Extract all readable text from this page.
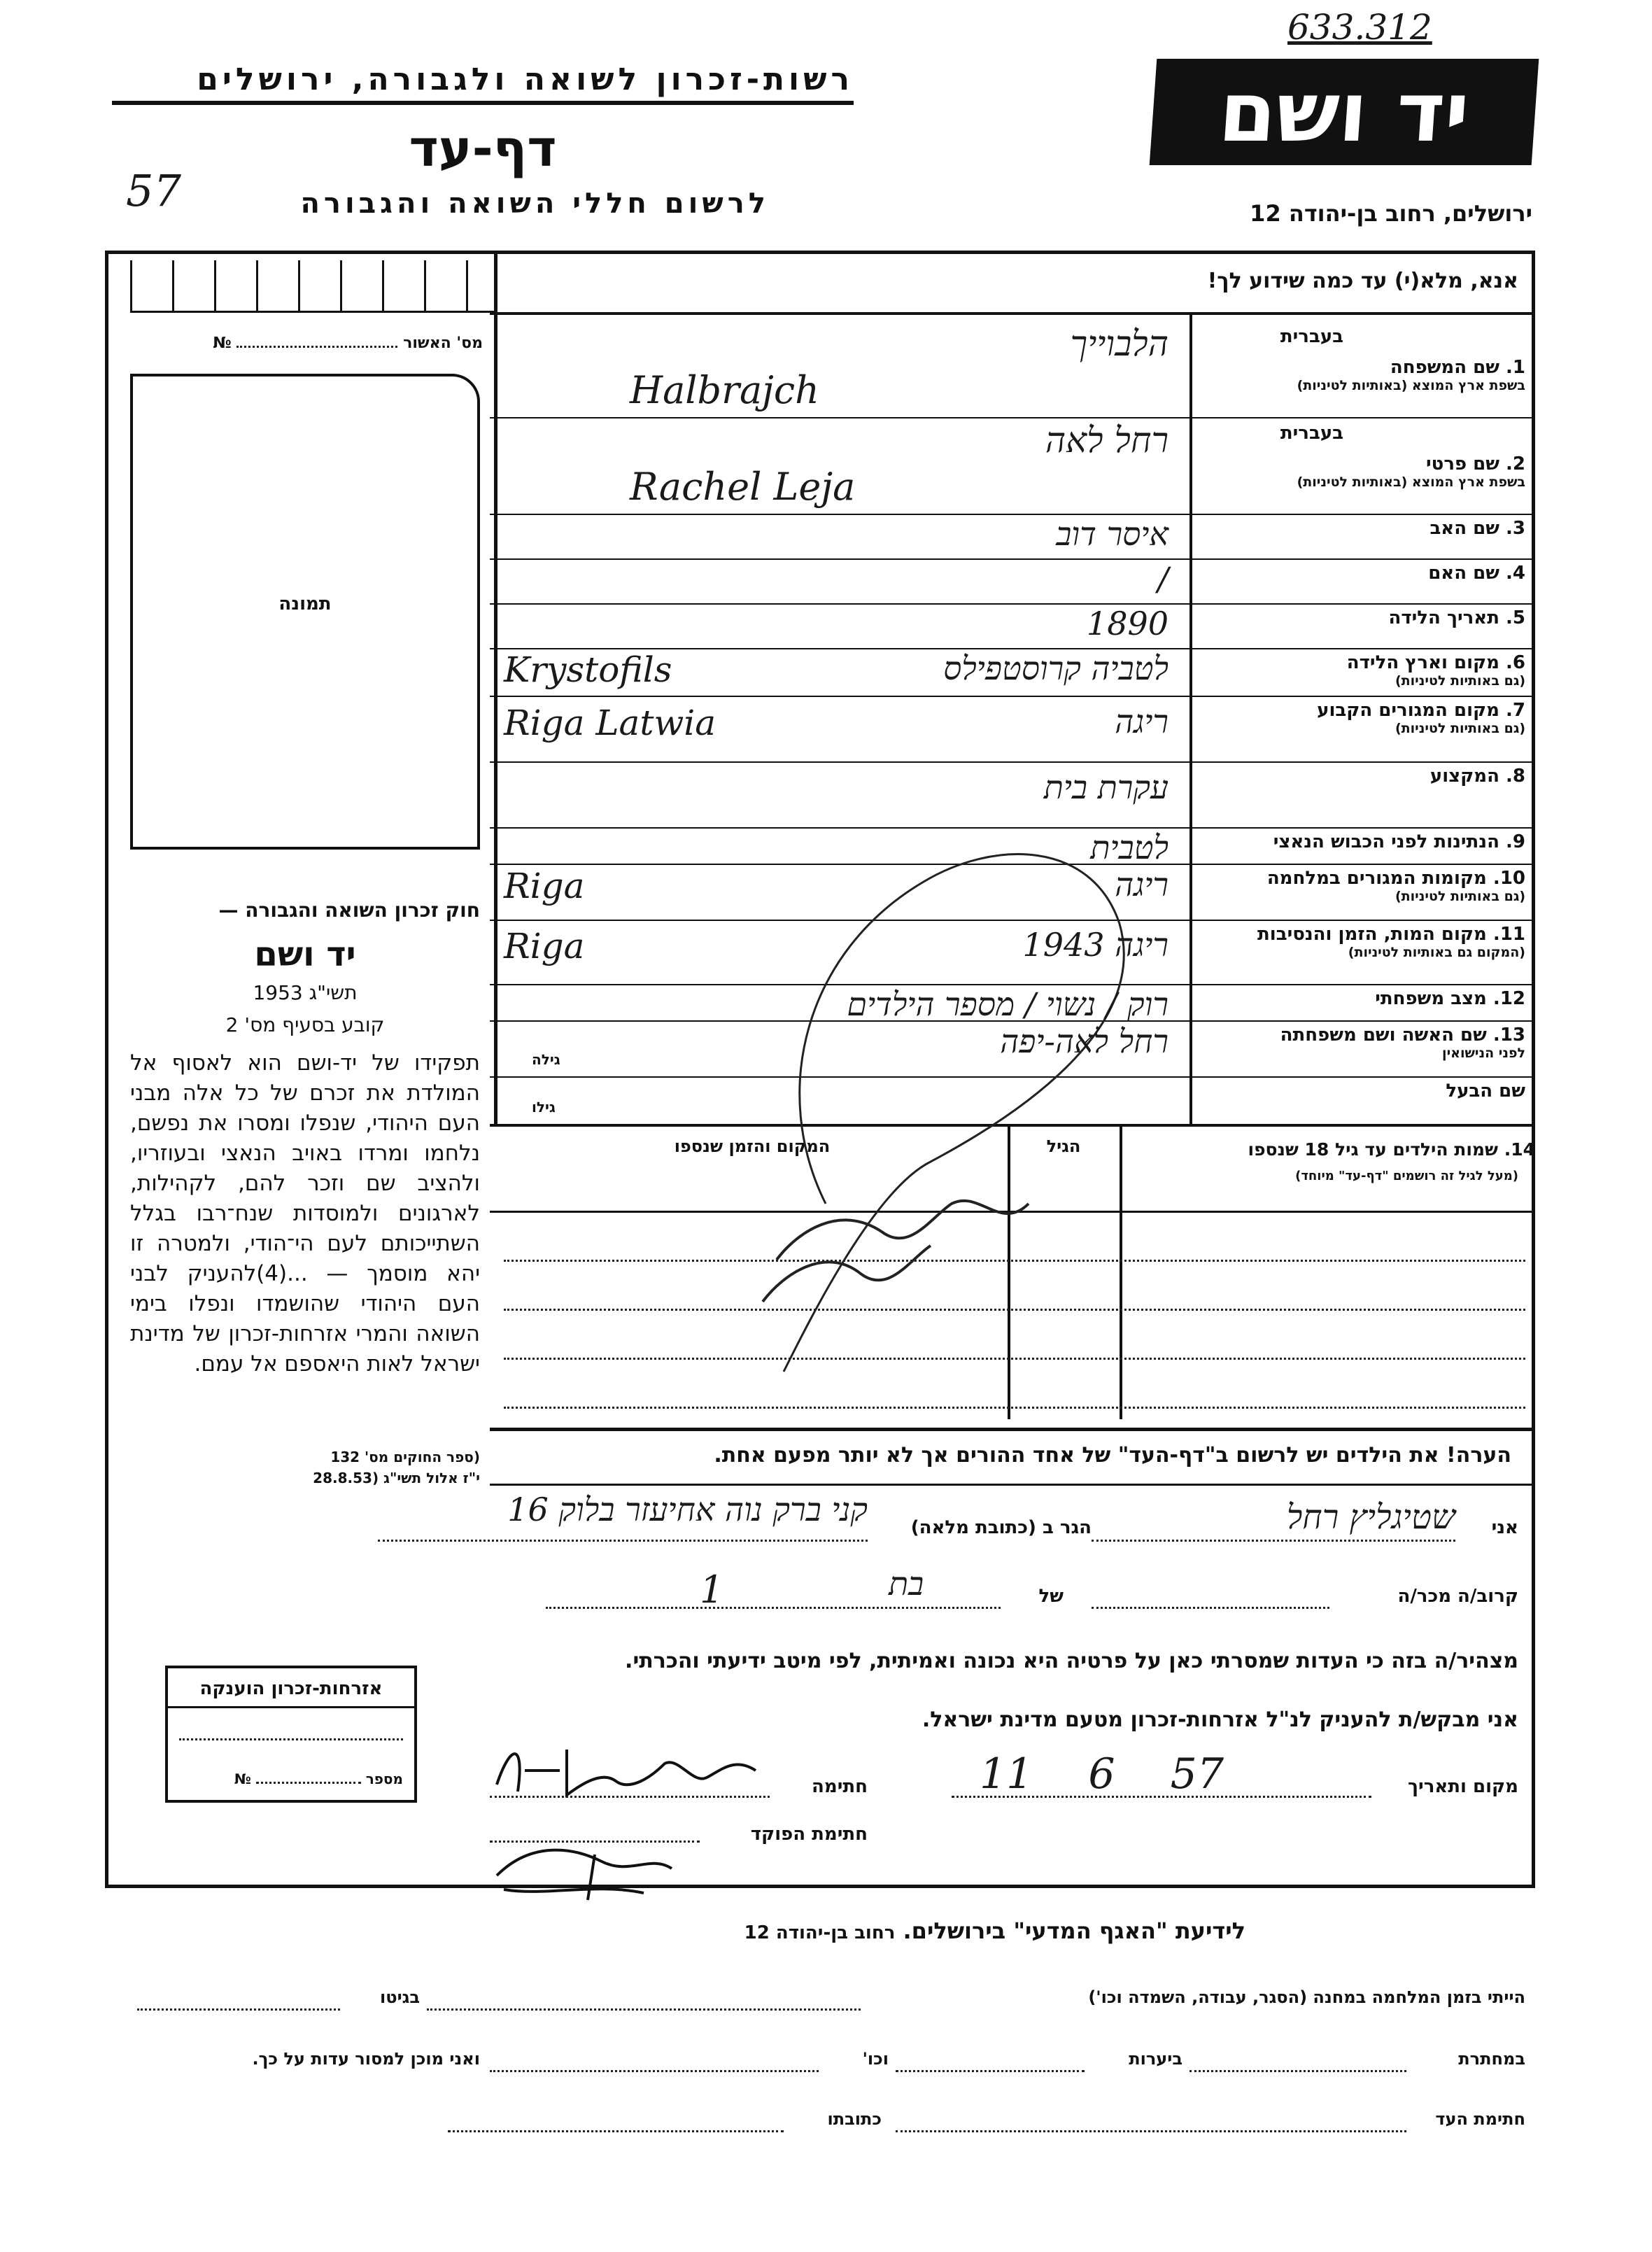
633.312
רשות-זכרון לשואה ולגבורה, ירושלים
דף-עד
57	לרשום חללי השואה והגבורה
יד ושם
ירושלים, רחוב בן-יהודה 12
אנא, מלא(י) עד כמה שידוע לך!
מס' האשור  №
תמונה
חוק זכרון השואה והגבורה —
יד ושם
תשי"ג 1953
קובע בסעיף מס' 2
תפקידו של יד-ושם הוא לאסוף אל המולדת את זכרם של כל אלה מבני העם היהודי, שנפלו ומסרו את נפשם, נלחמו ומרדו באויב הנאצי ובעוזריו, ולהציב שם וזכר להם, לקהילות, לארגונים ולמוסדות שנח־רבו בגלל השתייכותם לעם הי־הודי, ולמטרה זו יהא מוסמך — ...(4)להעניק לבני העם היהודי שהושמדו ונפלו בימי השואה והמרי אזרחות-זכרון של מדינת ישראל לאות היאספם אל עמם.
(ספר החוקים מס' 132
י"ז אלול תשי"ג (28.8.53
14. שמות הילדים עד גיל 18 שנספו
(מעל לגיל זה רושמים "דף-עד" מיוחד)
הגיל
המקום והזמן שנספו
הערה! את הילדים יש לרשום ב"דף-העד" של אחד ההורים אך לא יותר מפעם אחת.
אני
שטיגליץ רחל
הגר ב (כתובת מלאה)
קני ברק נוה אחיעזר בלוק 16
קרוב/ה מכר/ה
בת	של
1
מצהיר/ה בזה כי העדות שמסרתי כאן על פרטיה היא נכונה ואמיתית, לפי מיטב ידיעתי והכרתי.
אני מבקש/ת להעניק לנ"ל אזרחות-זכרון מטעם מדינת ישראל.
מקום ותאריך
11 6 57
חתימה
חתימת הפוקד
אזרחות-זכרון הוענקה
מספר  №
לידיעת "האגף המדעי" בירושלים. רחוב בן-יהודה 12
הייתי בזמן המלחמה במחנה (הסגר, עבודה, השמדה וכו')
בגיטו
במחתרת
ביערות
וכו'
ואני מוכן למסור עדות על כך.
חתימת העד
כתובתו
בעברית
1. שם המשפחה
בשפת ארץ המוצא (באותיות לטיניות)
הלבוייך
Halbrajch
בעברית
2. שם פרטי
בשפת ארץ המוצא (באותיות לטיניות)
רחל לאה
Rachel Leja
3. שם האב
איסר דוב
4. שם האם
/
5. תאריך הלידה
1890
6. מקום וארץ הלידה
(גם באותיות לטיניות)
לטביה קרוסטפילס
Krystofils
7. מקום המגורים הקבוע
(גם באותיות לטיניות)
ריגה
Riga Latwia
8. המקצוע
עקרת בית
9. הנתינות לפני הכבוש הנאצי
לטבית
10. מקומות המגורים במלחמה
(גם באותיות לטיניות)
ריגה
Riga
11. מקום המות, הזמן והנסיבות
(המקום גם באותיות לטיניות)
ריגה 1943
Riga
12. מצב משפחתי
רוק / נשוי / מספר הילדים
13. שם האשה ושם משפחתה
לפני הנישואין
רחל לאה-יפה
גילה
שם הבעל
גילו
